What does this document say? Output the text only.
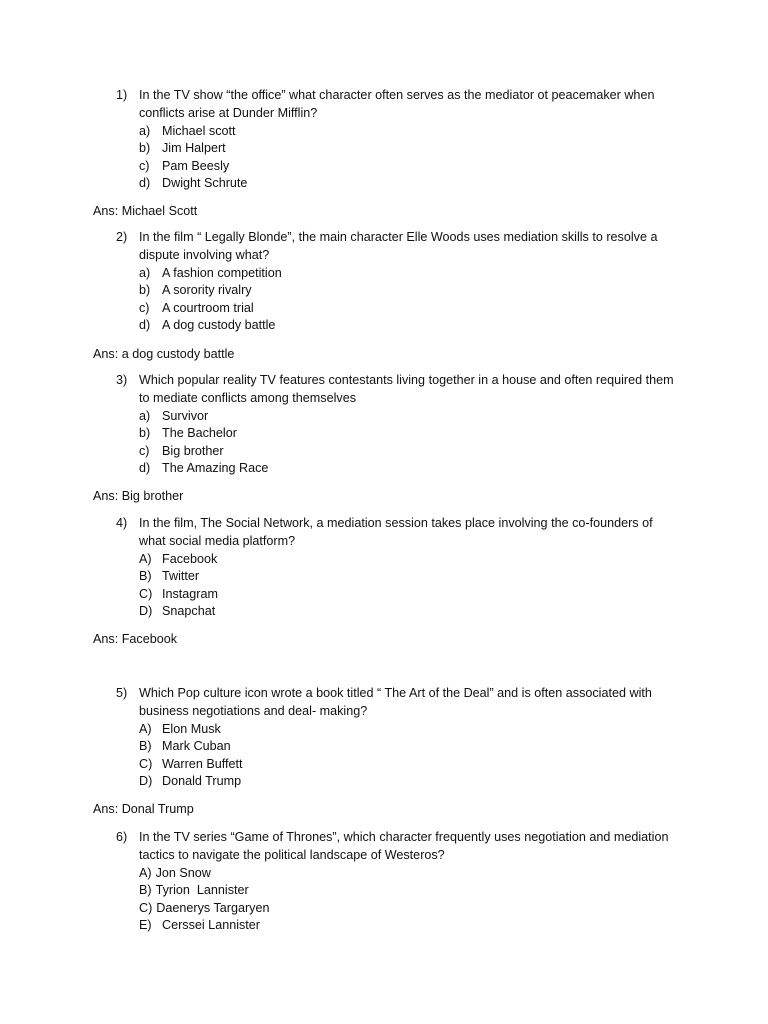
1) In the TV show “the office” what character often serves as the mediator ot peacemaker when conflicts arise at Dunder Mifflin?
a) Michael scott
b) Jim Halpert
c) Pam Beesly
d) Dwight Schrute
Ans: Michael Scott
2) In the film “ Legally Blonde”, the main character Elle Woods uses mediation skills to resolve a dispute involving what?
a) A fashion competition
b) A sorority rivalry
c) A courtroom trial
d) A dog custody battle
Ans: a dog custody battle
3) Which popular reality TV features contestants living together in a house and often required them to mediate conflicts among themselves
a) Survivor
b) The Bachelor
c) Big brother
d) The Amazing Race
Ans: Big brother
4) In the film, The Social Network, a mediation session takes place involving the co-founders of what social media platform?
A) Facebook
B) Twitter
C) Instagram
D) Snapchat
Ans: Facebook
5) Which Pop culture icon wrote a book titled “ The Art of the Deal” and is often associated with business negotiations and deal- making?
A) Elon Musk
B) Mark Cuban
C) Warren Buffett
D) Donald Trump
Ans: Donal Trump
6) In the TV series “Game of Thrones”, which character frequently uses negotiation and mediation tactics to navigate the political landscape of Westeros?
A) Jon Snow
B) Tyrion  Lannister
C) Daenerys Targaryen
E) Cerssei Lannister
